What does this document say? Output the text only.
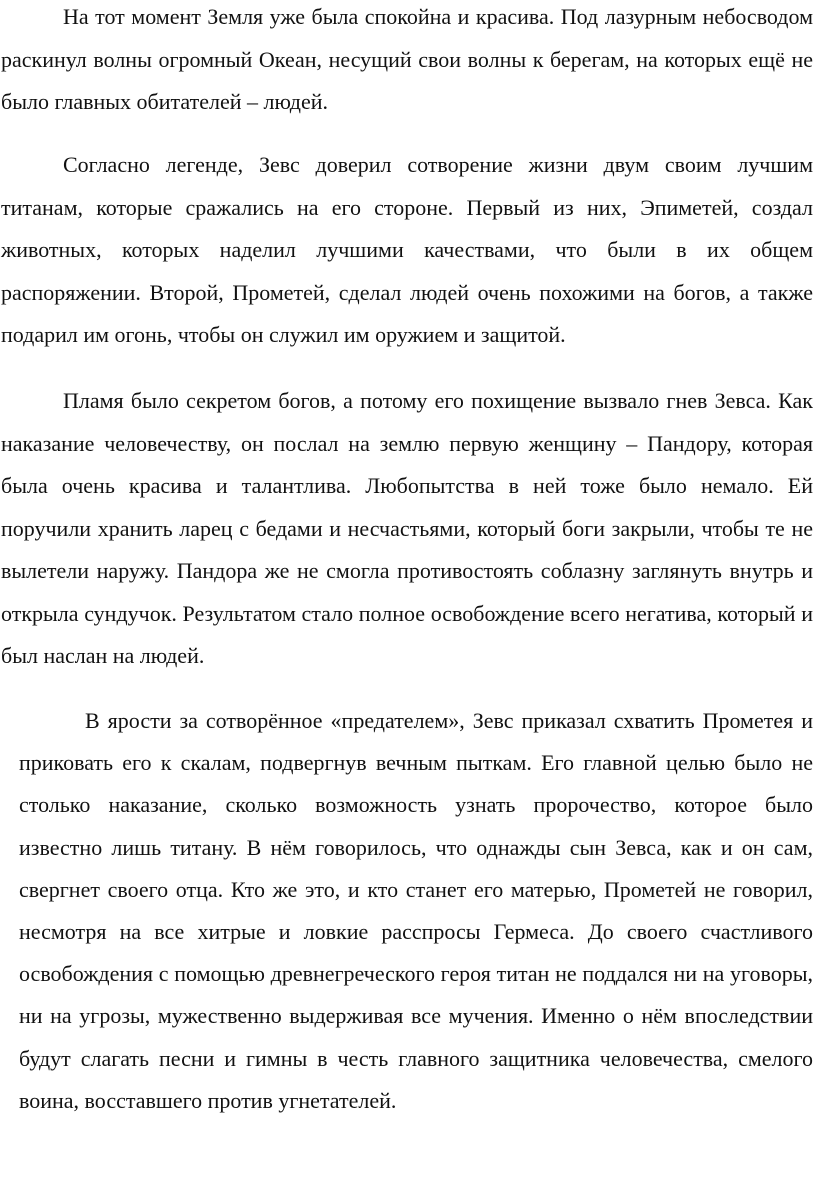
На тот момент Земля уже была спокойна и красива. Под лазурным небосводом раскинул волны огромный Океан, несущий свои волны к берегам, на которых ещё не было главных обитателей – людей.

Согласно легенде, Зевс доверил сотворение жизни двум своим лучшим титанам, которые сражались на его стороне. Первый из них, Эпиметей, создал животных, которых наделил лучшими качествами, что были в их общем распоряжении. Второй, Прометей, сделал людей очень похожими на богов, а также подарил им огонь, чтобы он служил им оружием и защитой.

Пламя было секретом богов, а потому его похищение вызвало гнев Зевса. Как наказание человечеству, он послал на землю первую женщину – Пандору, которая была очень красива и талантлива. Любопытства в ней тоже было немало. Ей поручили хранить ларец с бедами и несчастьями, который боги закрыли, чтобы те не вылетели наружу. Пандора же не смогла противостоять соблазну заглянуть внутрь и открыла сундучок. Результатом стало полное освобождение всего негатива, который и был наслан на людей.

В ярости за сотворённое «предателем», Зевс приказал схватить Прометея и приковать его к скалам, подвергнув вечным пыткам. Его главной целью было не столько наказание, сколько возможность узнать пророчество, которое было известно лишь титану. В нём говорилось, что однажды сын Зевса, как и он сам, свергнет своего отца. Кто же это, и кто станет его матерью, Прометей не говорил, несмотря на все хитрые и ловкие расспросы Гермеса. До своего счастливого освобождения с помощью древнегреческого героя титан не поддался ни на уговоры, ни на угрозы, мужественно выдерживая все мучения. Именно о нём впоследствии будут слагать песни и гимны в честь главного защитника человечества, смелого воина, восставшего против угнетателей.
